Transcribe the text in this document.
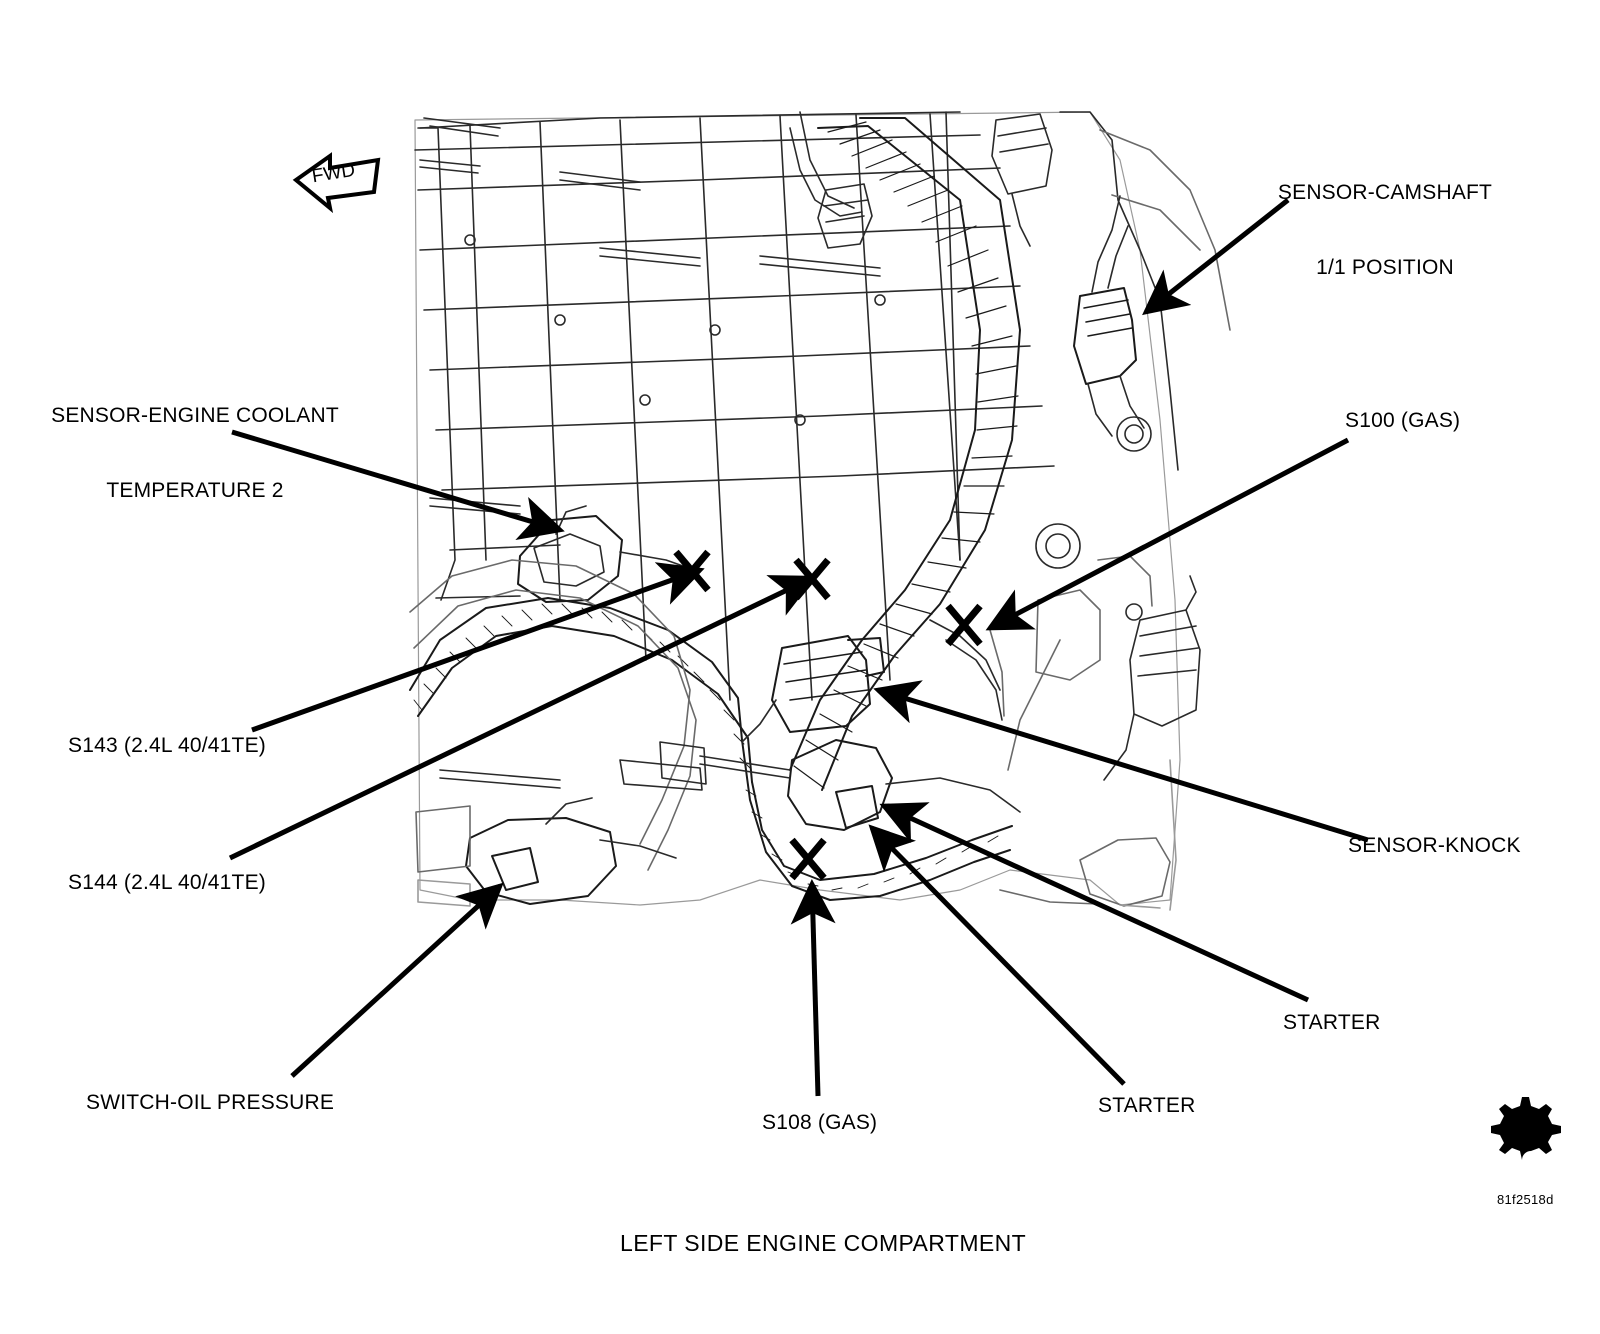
SENSOR-CAMSHAFT

1/1 POSITION

SENSOR-ENGINE COOLANT

TEMPERATURE 2

S100 (GAS)
S143 (2.4L 40/41TE)
S144 (2.4L 40/41TE)
SENSOR-KNOCK
STARTER
STARTER
SWITCH-OIL PRESSURE
S108 (GAS)
FWD
LEFT SIDE ENGINE COMPARTMENT
81f2518d
